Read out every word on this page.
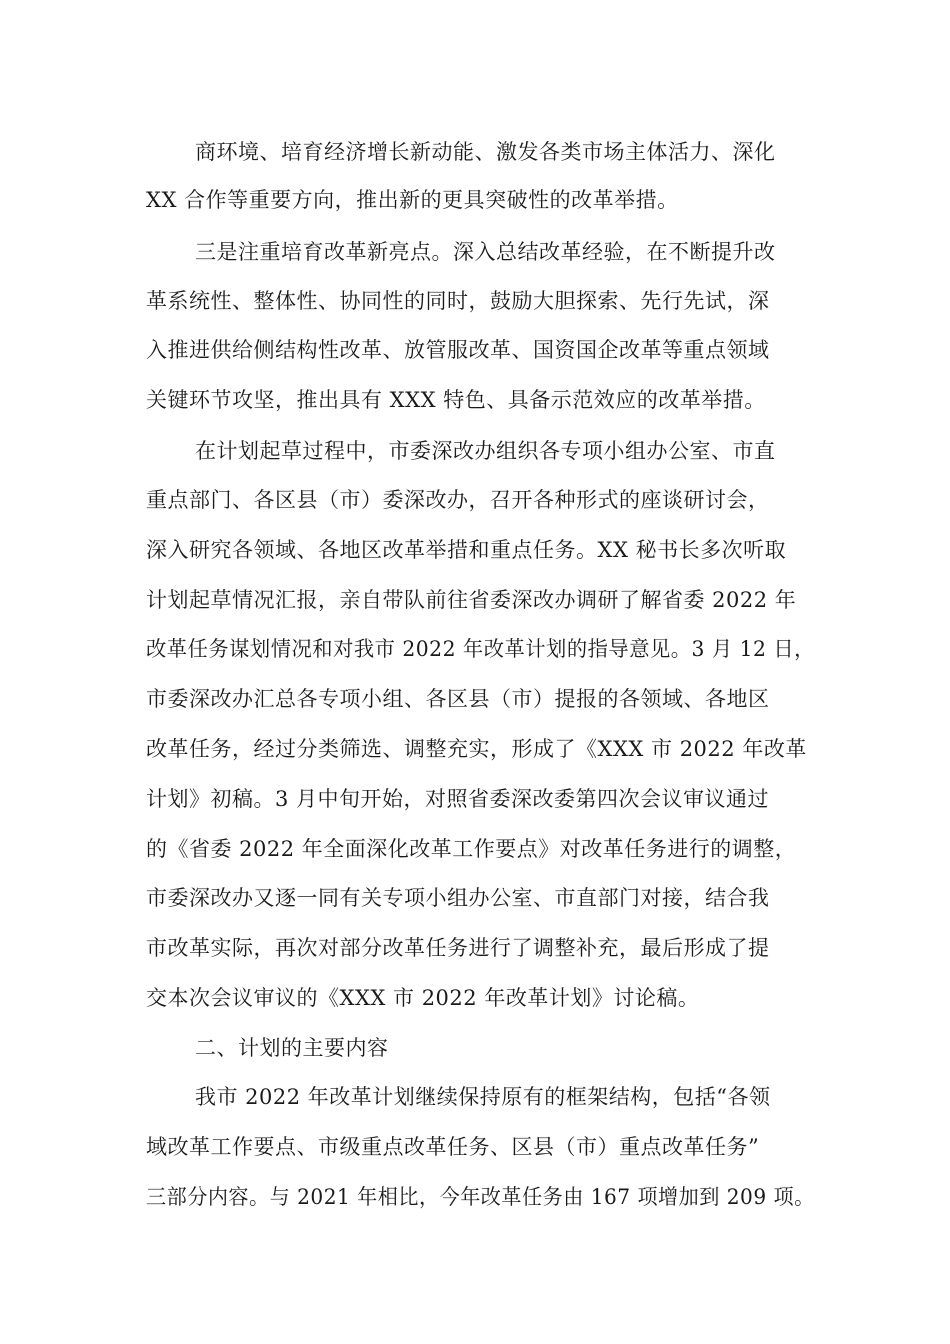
商环境、培育经济增长新动能、激发各类市场主体活力、深化
XX 合作等重要方向，推出新的更具突破性的改革举措。
三是注重培育改革新亮点。深入总结改革经验，在不断提升改
革系统性、整体性、协同性的同时，鼓励大胆探索、先行先试，深
入推进供给侧结构性改革、放管服改革、国资国企改革等重点领域
关键环节攻坚，推出具有 XXX 特色、具备示范效应的改革举措。
在计划起草过程中，市委深改办组织各专项小组办公室、市直
重点部门、各区县（市）委深改办，召开各种形式的座谈研讨会，
深入研究各领域、各地区改革举措和重点任务。XX 秘书长多次听取
计划起草情况汇报，亲自带队前往省委深改办调研了解省委 2022 年
改革任务谋划情况和对我市 2022 年改革计划的指导意见。3 月 12 日，
市委深改办汇总各专项小组、各区县（市）提报的各领域、各地区
改革任务，经过分类筛选、调整充实，形成了《XXX 市 2022 年改革
计划》初稿。3 月中旬开始，对照省委深改委第四次会议审议通过
的《省委 2022 年全面深化改革工作要点》对改革任务进行的调整，
市委深改办又逐一同有关专项小组办公室、市直部门对接，结合我
市改革实际，再次对部分改革任务进行了调整补充，最后形成了提
交本次会议审议的《XXX 市 2022 年改革计划》讨论稿。
二、计划的主要内容
我市 2022 年改革计划继续保持原有的框架结构，包括“各领
域改革工作要点、市级重点改革任务、区县（市）重点改革任务”
三部分内容。与 2021 年相比，今年改革任务由 167 项增加到 209 项。
